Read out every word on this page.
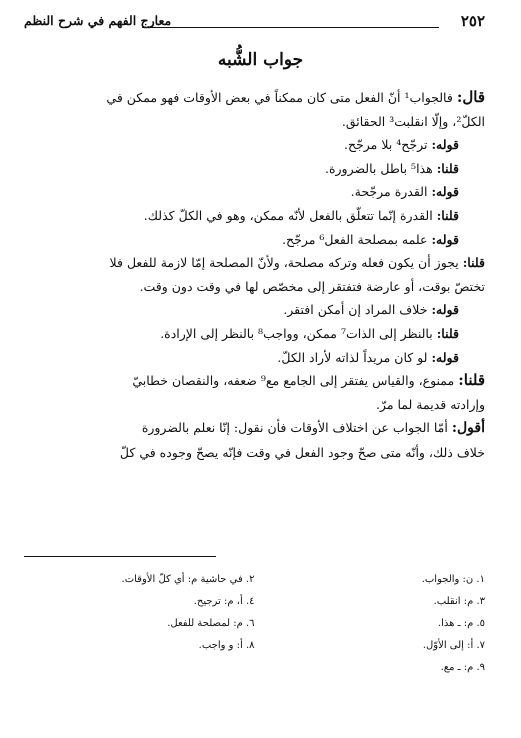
٢٥٢
معارج الفهم في شرح النظم
جواب الشُّبه

قال: فالجواب¹ أنّ الفعل متى كان ممكناً في بعض الأوقات فهو ممكن في

الكلّ²، وإلّا انقلبت³ الحقائق.

قوله: ترجّح⁴ بلا مرجّح.

قلنا: هذا⁵ باطل بالضرورة.

قوله: القدرة مرجّحة.

قلنا: القدرة إنّما تتعلّق بالفعل لأنّه ممكن، وهو في الكلّ كذلك.

قوله: علمه بمصلحة الفعل⁶ مرجّح.

قلنا: يجوز أن يكون فعله وتركه مصلحة، ولأنّ المصلحة إمّا لازمة للفعل فلا

تختصّ بوقت، أو عارضة فتفتقر إلى مخصّص لها في وقت دون وقت.

قوله: خلاف المراد إن أمكن افتقر.

قلنا: بالنظر إلى الذات⁷ ممكن، وواجب⁸ بالنظر إلى الإرادة.

قوله: لو كان مريداً لذاته لأراد الكلّ.

قلنا: ممنوع، والقياس يفتقر إلى الجامع مع⁹ ضعفه، والنقصان خطابيّ

وإرادته قديمة لما مرّ.

أقول: أمّا الجواب عن اختلاف الأوقات فأن نقول: إنّا نعلم بالضرورة

خلاف ذلك، وأنّه متى صحّ وجود الفعل في وقت فإنّه يصحّ وجوده في كلّ

١. ن: والجواب.
٢. في حاشية م: أي كلّ الأوقات.
٣. م: انقلب.
٤. أ، م: ترجيح.
٥. م: ـ هذا.
٦. م: لمصلحة للفعل.
٧. أ: إلى الأوّل.
٨. أ: و واجب.
٩. م: ـ مع.
